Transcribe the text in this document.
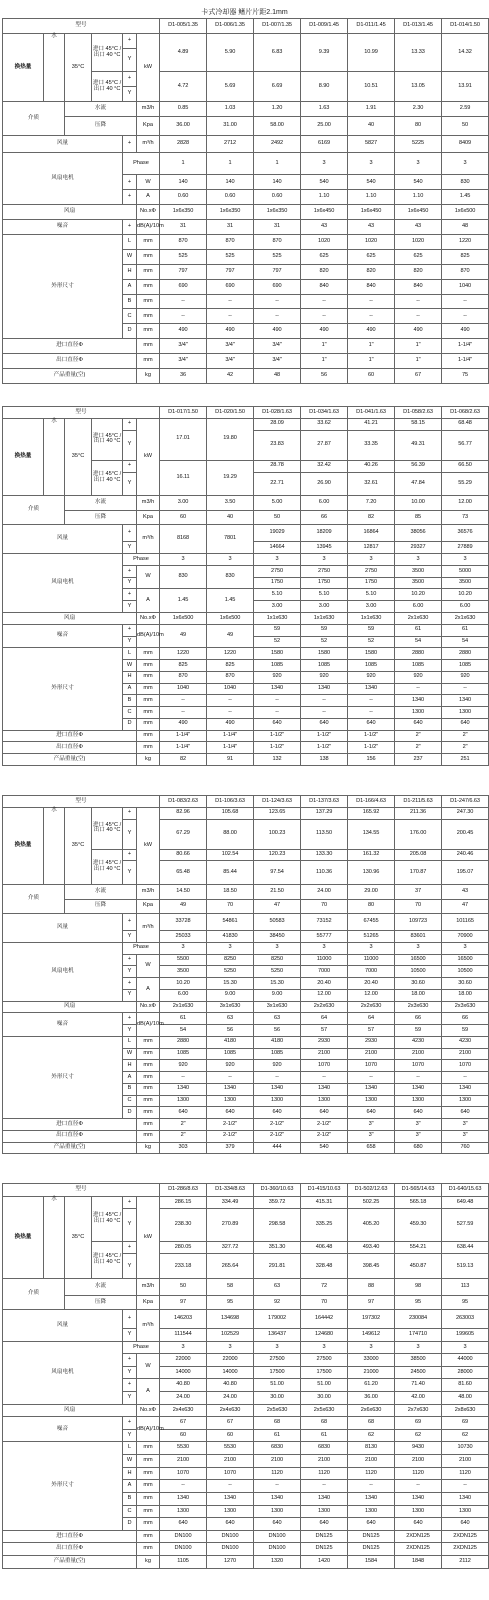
卡式冷却器 鳍片片距2.1mm
型号						D1-005/1.35	D1-006/1.35	D1-007/1.35	D1-009/1.45	D1-011/1.45	D1-013/1.45	D1-014/1.50
换热量	水	35°C	进口 45°C /出口 40 °C	+	kW	4.89	5.90	6.83	9.39	10.99	13.33	14.32
				Y								
			进口 45°C /出口 40 °C	+		4.72	5.69	6.69	8.90	10.51	13.05	13.91
				Y								
介质		水流			m3/h	0.85	1.03	1.20	1.63	1.91	2.30	2.59
		压降			Kpa	36.00	31.00	58.00	25.00	40	80	50
风量				+	m³/h	2828	2712	2492	6169	5827	5225	8409
风扇电机				Phase		1	1	1	3	3	3	3
				+	W	140	140	140	540	540	540	830
				+	A	0.60	0.60	0.60	1.10	1.10	1.10	1.45
风扇					No.xΦ	1x6x350	1x6x350	1x6x350	1x6x450	1x6x450	1x6x450	1x6x500
噪音				+	dB(A)/10m	31	31	31	43	43	43	48
外形尺寸				L	mm	870	870	870	1020	1020	1020	1220
				W	mm	525	525	525	625	625	625	825
				H	mm	797	797	797	820	820	820	870
				A	mm	690	690	690	840	840	840	1040
				B	mm	--	--	--	--	--	--	--
				C	mm	--	--	--	--	--	--	--
				D	mm	490	490	490	490	490	490	490
进口直径Φ					mm	3/4"	3/4"	3/4"	1"	1"	1"	1-1/4"
出口直径Φ					mm	3/4"	3/4"	3/4"	1"	1"	1"	1-1/4"
产品重量(空)					kg	36	42	48	56	60	67	75
型号						D1-017/1.50	D1-020/1.50	D1-028/1.63	D1-034/1.63	D1-041/1.63	D1-058/2.63	D1-068/2.63
换热量	水	35°C	进口 45°C /出口 40 °C	+	kW	17.01	19.80	28.09	33.62	41.21	58.15	68.48
				Y				23.83	27.87	33.35	49.31	56.77

			进口 45°C /出口 40 °C	+		16.11	19.29	28.78	32.42	40.26	56.39	66.50
				Y				22.71	26.90	32.61	47.84	55.29

介质		水流			m3/h	3.00	3.50	5.00	6.00	7.20	10.00	12.00
		压降			Kpa	60	40	50	66	82	85	73
风量				+	m³/h	8168	7801	19029	18209	16864	38056	36576
				Y				14664	13945	12817	29327	27889
风扇电机				Phase		3	3	3	3	3	3	3
				+	W	830	830	2750	2750	2750	3500	5000
				Y				1750	1750	1750	3500	3500
				+	A	1.45	1.45	5.10	5.10	5.10	10.20	10.20
				Y				3.00	3.00	3.00	6.00	6.00
风扇					No.xΦ	1x6x500	1x6x500	1x1x630	1x1x630	1x1x630	2x1x630	2x1x630
噪音				+	dB(A)/10m	49	49	59	59	59	61	61
				Y				52	52	52	54	54
外形尺寸				L	mm	1220	1220	1580	1580	1580	2880	2880
				W	mm	825	825	1085	1085	1085	1085	1085
				H	mm	870	870	920	920	920	920	920
				A	mm	1040	1040	1340	1340	1340	--	--
				B	mm	--	--	--	--	--	1340	1340
				C	mm	--	--	--	--	--	1300	1300
				D	mm	490	490	640	640	640	640	640
进口直径Φ					mm	1-1/4"	1-1/4"	1-1/2"	1-1/2"	1-1/2"	2"	2"
出口直径Φ					mm	1-1/4"	1-1/4"	1-1/2"	1-1/2"	1-1/2"	2"	2"
产品重量(空)					kg	82	91	132	138	156	237	251
型号						D1-083/2.63	D1-106/3.63	D1-124/3.63	D1-137/3.63	D1-166/4.63	D1-211/5.63	D1-247/6.63
换热量	水	35°C	进口 45°C /出口 40 °C	+	kW	82.96	105.68	123.65	137.29	165.92	211.36	247.30
				Y		67.29	88.00	100.23	113.50	134.55	176.00	200.45

			进口 45°C /出口 40 °C	+		80.66	102.54	120.23	133.30	161.32	205.08	240.46
				Y		65.48	85.44	97.54	110.36	130.96	170.87	195.07

介质		水流			m3/h	14.50	18.50	21.50	24.00	29.00	37	43
		压降			Kpa	49	70	47	70	80	70	47
风量				+	m³/h	33728	54861	50583	73152	67455	109723	101165
				Y		25033	41830	38450	55777	51265	83601	70900
风扇电机				Phase		3	3	3	3	3	3	3
				+	W	5500	8250	8250	11000	11000	16500	16500
				Y		3500	5250	5250	7000	7000	10500	10500
				+	A	10.20	15.30	15.30	20.40	20.40	30.60	30.60
				Y		6.00	9.00	9.00	12.00	12.00	18.00	18.00
风扇					No.xΦ	2x1x630	3x1x630	3x1x630	2x2x630	2x2x630	2x3x630	2x3x630
噪音				+	dB(A)/10m	61	63	63	64	64	66	66
				Y		54	56	56	57	57	59	59
外形尺寸				L	mm	2880	4180	4180	2930	2930	4230	4230
				W	mm	1085	1085	1085	2100	2100	2100	2100
				H	mm	920	920	920	1070	1070	1070	1070
				A	mm	--	--	--	--	--	--	--
				B	mm	1340	1340	1340	1340	1340	1340	1340
				C	mm	1300	1300	1300	1300	1300	1300	1300
				D	mm	640	640	640	640	640	640	640
进口直径Φ					mm	2"	2-1/2"	2-1/2"	2-1/2"	3"	3"	3"
出口直径Φ					mm	2"	2-1/2"	2-1/2"	2-1/2"	3"	3"	3"
产品重量(空)					kg	303	379	444	540	658	680	760
型号						D1-286/8.63	D1-334/8.63	D1-360/10.63	D1-415/10.63	D1-502/12.63	D1-565/14.63	D1-640/15.63
换热量	水	35°C	进口 45°C /出口 40 °C	+	kW	286.15	334.49	359.72	415.31	502.25	565.18	649.48
				Y		238.30	270.89	298.58	335.25	405.20	459.30	527.59

			进口 45°C /出口 40 °C	+		280.05	327.72	351.30	406.48	493.40	554.21	638.44
				Y		233.18	265.64	291.81	328.48	398.45	450.87	519.13

介质		水流			m3/h	50	58	63	72	88	98	113
		压降			Kpa	97	95	92	70	97	95	95
风量				+	m³/h	146203	134698	179002	164442	197302	230084	263003
				Y		111544	102529	136437	124680	149612	174710	199605
风扇电机				Phase		3	3	3	3	3	3	3
				+	W	22000	22000	27500	27500	33000	38500	44000
				Y		14000	14000	17500	17500	21000	24500	28000
				+	A	40.80	40.80	51.00	51.00	61.20	71.40	81.60
				Y		24.00	24.00	30.00	30.00	36.00	42.00	48.00
风扇					No.xΦ	2x4x630	2x4x630	2x5x630	2x5x630	2x6x630	2x7x630	2x8x630
噪音				+	dB(A)/10m	67	67	68	68	68	69	69
				Y		60	60	61	61	62	62	62
外形尺寸				L	mm	5530	5530	6830	6830	8130	9430	10730
				W	mm	2100	2100	2100	2100	2100	2100	2100
				H	mm	1070	1070	1120	1120	1120	1120	1120
				A	mm	--	--	--	--	--	--	--
				B	mm	1340	1340	1340	1340	1340	1340	1340
				C	mm	1300	1300	1300	1300	1300	1300	1300
				D	mm	640	640	640	640	640	640	640
进口直径Φ					mm	DN100	DN100	DN100	DN125	DN125	2XDN125	2XDN125
出口直径Φ					mm	DN100	DN100	DN100	DN125	DN125	2XDN125	2XDN125
产品重量(空)					kg	1105	1270	1320	1420	1584	1848	2112
